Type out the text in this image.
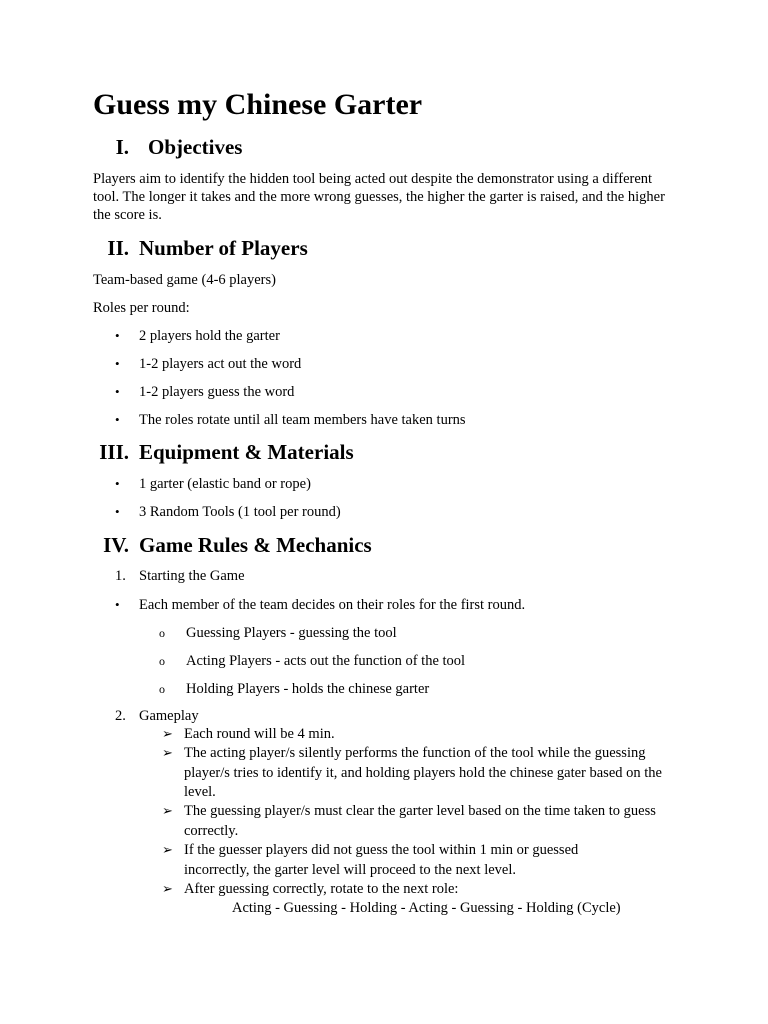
Guess my Chinese Garter
I. Objectives
Players aim to identify the hidden tool being acted out despite the demonstrator using a different tool. The longer it takes and the more wrong guesses, the higher the garter is raised, and the higher the score is.
II. Number of Players
Team-based game (4-6 players)
Roles per round:
• 2 players hold the garter
• 1-2 players act out the word
• 1-2 players guess the word
• The roles rotate until all team members have taken turns
III. Equipment & Materials
• 1 garter (elastic band or rope)
• 3 Random Tools (1 tool per round)
IV. Game Rules & Mechanics
1. Starting the Game
• Each member of the team decides on their roles for the first round.
o Guessing Players - guessing the tool
o Acting Players - acts out the function of the tool
o Holding Players - holds the chinese garter
2. Gameplay
➢ Each round will be 4 min.
➢ The acting player/s silently performs the function of the tool while the guessing player/s tries to identify it, and holding players hold the chinese gater based on the level.
➢ The guessing player/s must clear the garter level based on the time taken to guess correctly.
➢ If the guesser players did not guess the tool within 1 min or guessed incorrectly, the garter level will proceed to the next level.
➢ After guessing correctly, rotate to the next role:
Acting - Guessing - Holding - Acting - Guessing - Holding (Cycle)
